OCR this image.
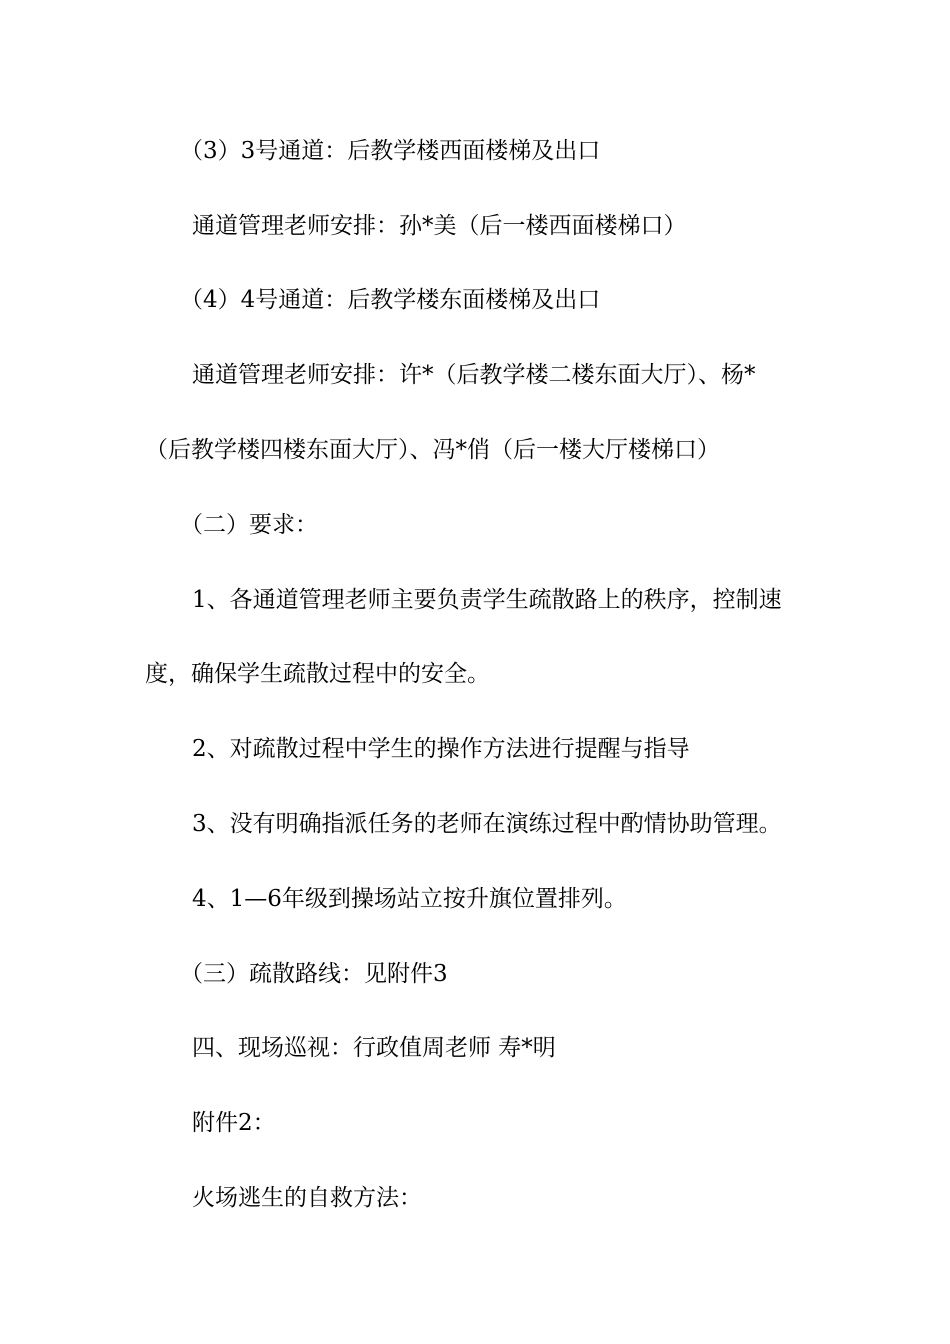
（3）3号通道：后教学楼西面楼梯及出口
通道管理老师安排：孙*美（后一楼西面楼梯口）
（4）4号通道：后教学楼东面楼梯及出口
通道管理老师安排：许*（后教学楼二楼东面大厅）、杨*
（后教学楼四楼东面大厅）、冯*俏（后一楼大厅楼梯口）
（二）要求：
1、各通道管理老师主要负责学生疏散路上的秩序，控制速
度，确保学生疏散过程中的安全。
2、对疏散过程中学生的操作方法进行提醒与指导
3、没有明确指派任务的老师在演练过程中酌情协助管理。
4、1—6年级到操场站立按升旗位置排列。
（三）疏散路线：见附件3
四、现场巡视：行政值周老师 寿*明
附件2：
火场逃生的自救方法：
